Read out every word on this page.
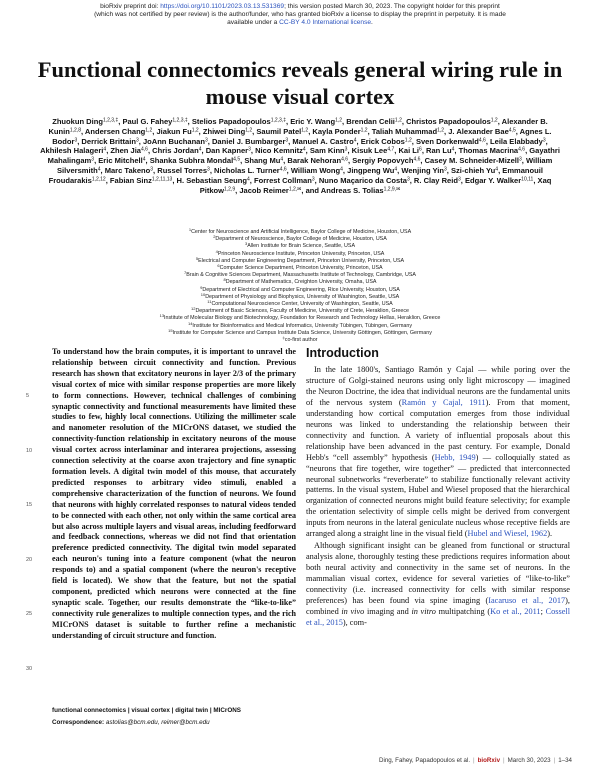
bioRxiv preprint doi: https://doi.org/10.1101/2023.03.13.531369; this version posted March 30, 2023. The copyright holder for this preprint
(which was not certified by peer review) is the author/funder, who has granted bioRxiv a license to display the preprint in perpetuity. It is made
available under a CC-BY 4.0 International license.
Functional connectomics reveals general wiring rule in mouse visual cortex
Zhuokun Ding$^{1,2,3,\ddagger}$, Paul G. Fahey$^{1,2,3,\ddagger}$, Stelios Papadopoulos$^{1,2,3,\ddagger}$, Eric Y. Wang$^{1,2}$, Brendan Celii$^{1,2}$, Christos Papadopoulos$^{1,2}$, Alexander B. Kunin$^{1,2,8}$, Andersen Chang$^{1,2}$, Jiakun Fu$^{1,2}$, Zhiwei Ding$^{1,2}$, Saumil Patel$^{1,2}$, Kayla Ponder$^{1,2}$, Taliah Muhammad$^{1,2}$, J. Alexander Bae$^{4,5}$, Agnes L. Bodor$^3$, Derrick Brittain$^3$, JoAnn Buchanan$^3$, Daniel J. Bumbarger$^3$, Manuel A. Castro$^4$, Erick Cobos$^{1,2}$, Sven Dorkenwald$^{4,6}$, Leila Elabbady$^3$, Akhilesh Halageri$^4$, Zhen Jia$^{4,6}$, Chris Jordan$^4$, Dan Kapner$^3$, Nico Kemnitz$^4$, Sam Kinn$^3$, Kisuk Lee$^{4,7}$, Kai Li$^6$, Ran Lu$^4$, Thomas Macrina$^{4,6}$, Gayathri Mahalingam$^3$, Eric Mitchell$^4$, Shanka Subhra Mondal$^{4,5}$, Shang Mu$^4$, Barak Nehoran$^{4,6}$, Sergiy Popovych$^{4,6}$, Casey M. Schneider-Mizell$^3$, William Silversmith$^4$, Marc Takeno$^3$, Russel Torres$^3$, Nicholas L. Turner$^{4,6}$, William Wong$^4$, Jingpeng Wu$^4$, Wenjing Yin$^3$, Szi-chieh Yu$^4$, Emmanouil Froudarakis$^{1,2,12}$, Fabian Sinz$^{1,2,11,13}$, H. Sebastian Seung$^4$, Forrest Collman$^3$, Nuno Maçarico da Costa$^3$, R. Clay Reid$^3$, Edgar Y. Walker$^{10,11}$, Xaq Pitkow$^{1,2,9}$, Jacob Reimer$^{1,2,✉}$, and Andreas S. Tolias$^{1,2,9,✉}$
$^1$Center for Neuroscience and Artificial Intelligence, Baylor College of Medicine, Houston, USA
$^2$Department of Neuroscience, Baylor College of Medicine, Houston, USA
$^3$Allen Institute for Brain Science, Seattle, USA
$^4$Princeton Neuroscience Institute, Princeton University, Princeton, USA
$^5$Electrical and Computer Engineering Department, Princeton University, Princeton, USA
$^6$Computer Science Department, Princeton University, Princeton, USA
$^7$Brain & Cognitive Sciences Department, Massachusetts Institute of Technology, Cambridge, USA
$^8$Department of Mathematics, Creighton University, Omaha, USA
$^9$Department of Electrical and Computer Engineering, Rice University, Houston, USA
$^{10}$Department of Physiology and Biophysics, University of Washington, Seattle, USA
$^{11}$Computational Neuroscience Center, University of Washington, Seattle, USA
$^{12}$Department of Basic Sciences, Faculty of Medicine, University of Crete, Heraklion, Greece
$^{13}$Institute of Molecular Biology and Biotechnology, Foundation for Research and Technology Hellas, Heraklion, Greece
$^{14}$Institute for Bioinformatics and Medical Informatics, University Tübingen, Tübingen, Germany
$^{15}$Institute for Computer Science and Campus Institute Data Science, University Göttingen, Göttingen, Germany
‡co-first author
5
10
15
20
25
30

To understand how the brain computes, it is important to unravel the relationship between circuit connectivity and function. Previous research has shown that excitatory neurons in layer 2/3 of the primary visual cortex of mice with similar response properties are more likely to form connections. However, technical challenges of combining synaptic connectivity and functional measurements have limited these studies to few, highly local connections. Utilizing the millimeter scale and nanometer resolution of the MICrONS dataset, we studied the connectivity-function relationship in excitatory neurons of the mouse visual cortex across interlaminar and interarea projections, assessing connection selectivity at the coarse axon trajectory and fine synaptic formation levels. A digital twin model of this mouse, that accurately predicted responses to arbitrary video stimuli, enabled a comprehensive characterization of the function of neurons. We found that neurons with highly correlated responses to natural videos tended to be connected with each other, not only within the same cortical area but also across multiple layers and visual areas, including feedforward and feedback connections, whereas we did not find that orientation preference predicted connectivity. The digital twin model separated each neuron's tuning into a feature component (what the neuron responds to) and a spatial component (where the neuron's receptive field is located). We show that the feature, but not the spatial component, predicted which neurons were connected at the fine synaptic scale. Together, our results demonstrate the “like-to-like” connectivity rule generalizes to multiple connection types, and the rich MICrONS dataset is suitable to further refine a mechanistic understanding of circuit structure and function.

functional connectomics | visual cortex | digital twin | MICrONS
Correspondence: astolias@bcm.edu, reimer@bcm.edu
Introduction

In the late 1800's, Santiago Ramón y Cajal — while poring over the structure of Golgi-stained neurons using only light microscopy — imagined the Neuron Doctrine, the idea that individual neurons are the fundamental units of the nervous system (Ramón y Cajal, 1911). From that moment, understanding how cortical computation emerges from those individual neurons was linked to understanding the relationship between their connectivity and function. A variety of influential proposals about this relationship have been advanced in the past century. For example, Donald Hebb's “cell assembly” hypothesis (Hebb, 1949) — colloquially stated as “neurons that fire together, wire together” — predicted that interconnected neuronal subnetworks “reverberate” to stabilize functionally relevant activity patterns. In the visual system, Hubel and Wiesel proposed that the hierarchical organization of connected neurons might build feature selectivity; for example the orientation selectivity of simple cells might be derived from convergent inputs from neurons in the lateral geniculate nucleus whose receptive fields are arranged along a straight line in the visual field (Hubel and Wiesel, 1962).

Although significant insight can be gleaned from functional or structural analysis alone, thoroughly testing these predictions requires information about both neural activity and connectivity in the same set of neurons. In the mammalian visual cortex, evidence for several varieties of “like-to-like” connectivity (i.e. increased connectivity for cells with similar response preferences) has been found via spine imaging (Iacaruso et al., 2017), combined in vivo imaging and in vitro multipatching (Ko et al., 2011; Cossell et al., 2015), com-

Ding, Fahey, Papadopoulos et al. | bioRxiv | March 30, 2023 | 1–34
